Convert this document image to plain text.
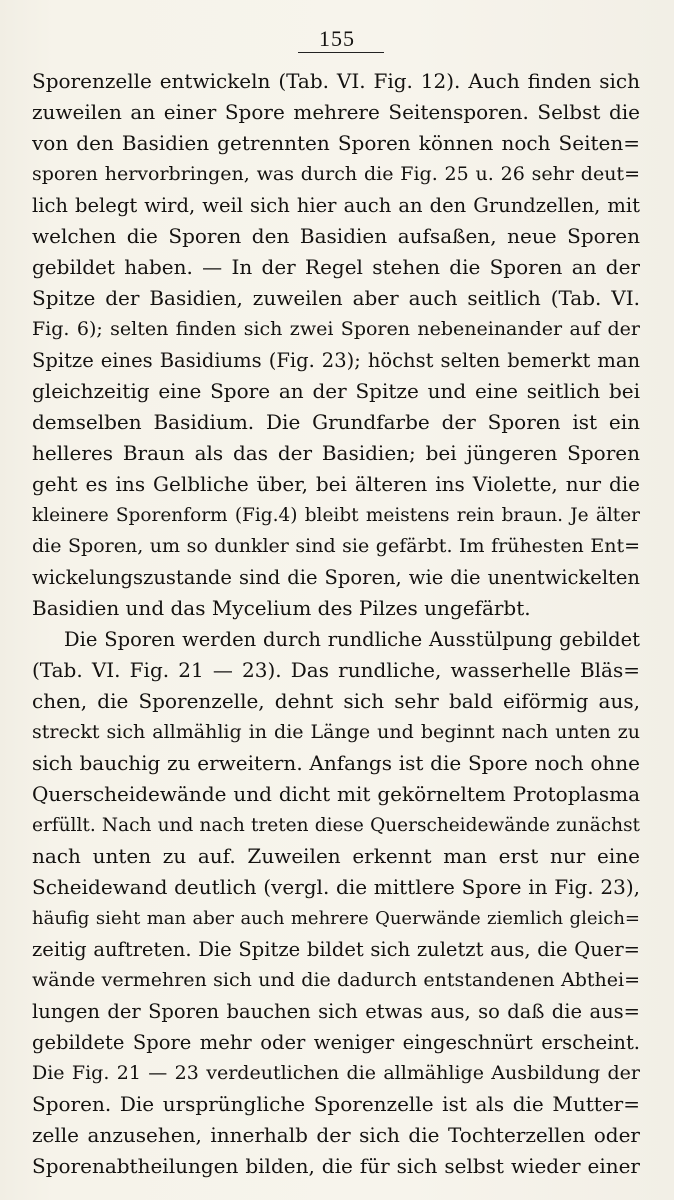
155
Sporenzelle entwickeln (Tab. VI. Fig. 12). Auch finden sich
zuweilen an einer Spore mehrere Seitensporen. Selbst die
von den Basidien getrennten Sporen können noch Seiten=
sporen hervorbringen, was durch die Fig. 25 u. 26 sehr deut=
lich belegt wird, weil sich hier auch an den Grundzellen, mit
welchen die Sporen den Basidien aufsaßen, neue Sporen
gebildet haben. — In der Regel stehen die Sporen an der
Spitze der Basidien, zuweilen aber auch seitlich (Tab. VI.
Fig. 6); selten finden sich zwei Sporen nebeneinander auf der
Spitze eines Basidiums (Fig. 23); höchst selten bemerkt man
gleichzeitig eine Spore an der Spitze und eine seitlich bei
demselben Basidium. Die Grundfarbe der Sporen ist ein
helleres Braun als das der Basidien; bei jüngeren Sporen
geht es ins Gelbliche über, bei älteren ins Violette, nur die
kleinere Sporenform (Fig.4) bleibt meistens rein braun. Je älter
die Sporen, um so dunkler sind sie gefärbt. Im frühesten Ent=
wickelungszustande sind die Sporen, wie die unentwickelten
Basidien und das Mycelium des Pilzes ungefärbt.
Die Sporen werden durch rundliche Ausstülpung gebildet
(Tab. VI. Fig. 21 — 23). Das rundliche, wasserhelle Bläs=
chen, die Sporenzelle, dehnt sich sehr bald eiförmig aus,
streckt sich allmählig in die Länge und beginnt nach unten zu
sich bauchig zu erweitern. Anfangs ist die Spore noch ohne
Querscheidewände und dicht mit gekörneltem Protoplasma
erfüllt. Nach und nach treten diese Querscheidewände zunächst
nach unten zu auf. Zuweilen erkennt man erst nur eine
Scheidewand deutlich (vergl. die mittlere Spore in Fig. 23),
häufig sieht man aber auch mehrere Querwände ziemlich gleich=
zeitig auftreten. Die Spitze bildet sich zuletzt aus, die Quer=
wände vermehren sich und die dadurch entstandenen Abthei=
lungen der Sporen bauchen sich etwas aus, so daß die aus=
gebildete Spore mehr oder weniger eingeschnürt erscheint.
Die Fig. 21 — 23 verdeutlichen die allmählige Ausbildung der
Sporen. Die ursprüngliche Sporenzelle ist als die Mutter=
zelle anzusehen, innerhalb der sich die Tochterzellen oder
Sporenabtheilungen bilden, die für sich selbst wieder einer
